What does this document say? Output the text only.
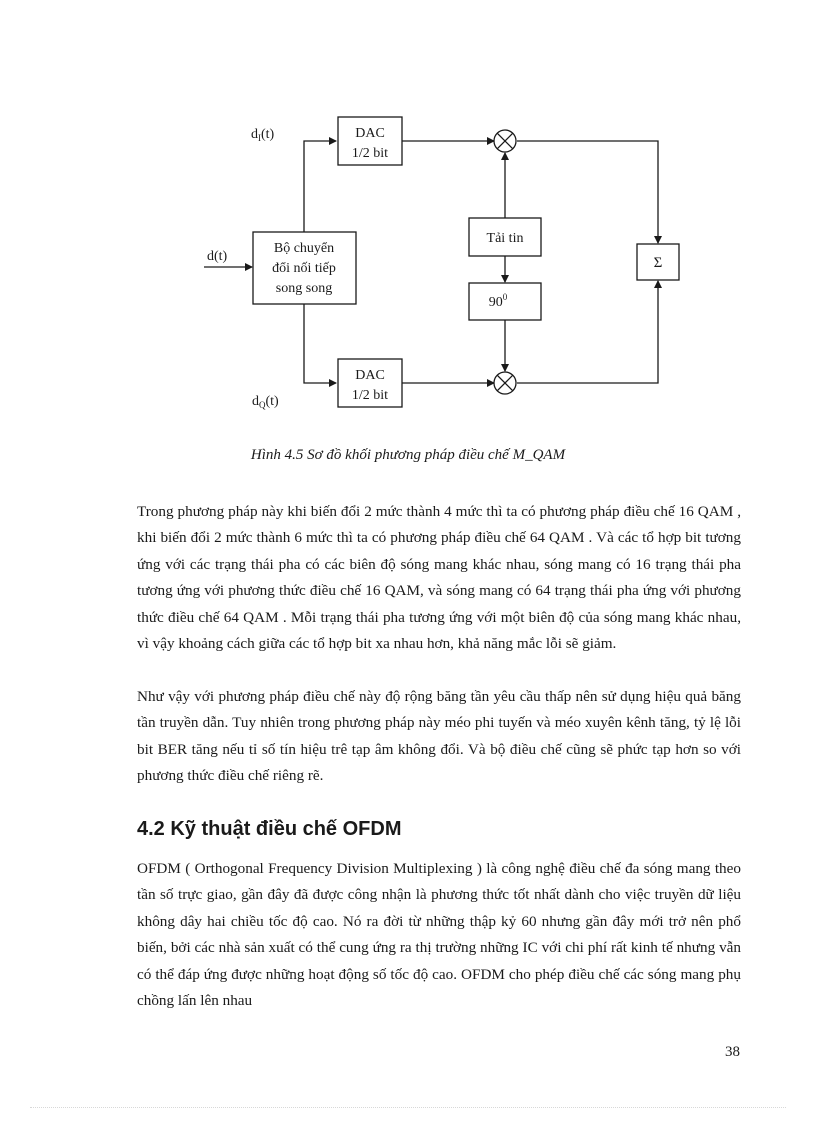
d(t)
$d_I(t)$
$d_Q(t)$
Bộ chuyển
đổi nối tiếp
song song
DAC
1/2 bit
DAC
1/2 bit
Tải tin
$90^0$
Σ
Hình 4.5 Sơ đồ khối phương pháp điều chế M_QAM

Trong phương pháp này khi biến đổi 2 mức thành 4 mức thì ta có phương pháp điều chế 16 QAM , khi biến đổi 2 mức thành 6 mức thì ta có phương pháp điều chế 64 QAM . Và các tổ hợp bit tương ứng với các trạng thái pha có các biên độ sóng mang khác nhau, sóng mang có 16 trạng thái pha tương ứng với phương thức điều chế 16 QAM, và sóng mang có 64 trạng thái pha ứng với phương thức điều chế 64 QAM . Mỗi trạng thái pha tương ứng với một biên độ của sóng mang khác nhau, vì vậy khoảng cách giữa các tổ hợp bit xa nhau hơn, khả năng mắc lỗi sẽ giảm.

Như vậy với phương pháp điều chế này độ rộng băng tần yêu cầu thấp nên sử dụng hiệu quả băng tần truyền dẫn. Tuy nhiên trong phương pháp này méo phi tuyến và méo xuyên kênh tăng, tỷ lệ lỗi bit BER tăng nếu tỉ số tín hiệu trê tạp âm không đổi. Và bộ điều chế cũng sẽ phức tạp hơn so với phương thức điều chế riêng rẽ.

4.2 Kỹ thuật điều chế OFDM

OFDM ( Orthogonal Frequency Division Multiplexing ) là công nghệ điều chế đa sóng mang theo tần số trực giao, gần đây đã được công nhận là phương thức tốt nhất dành cho việc truyền dữ liệu không dây hai chiều tốc độ cao. Nó ra đời từ những thập kỷ 60 nhưng gần đây mới trở nên phổ biến, bởi các nhà sản xuất có thể cung ứng ra thị trường những IC với chi phí rất kinh tế nhưng vẫn có thể đáp ứng được những hoạt động số tốc độ cao. OFDM cho phép điều chế các sóng mang phụ chồng lấn lên nhau

38
